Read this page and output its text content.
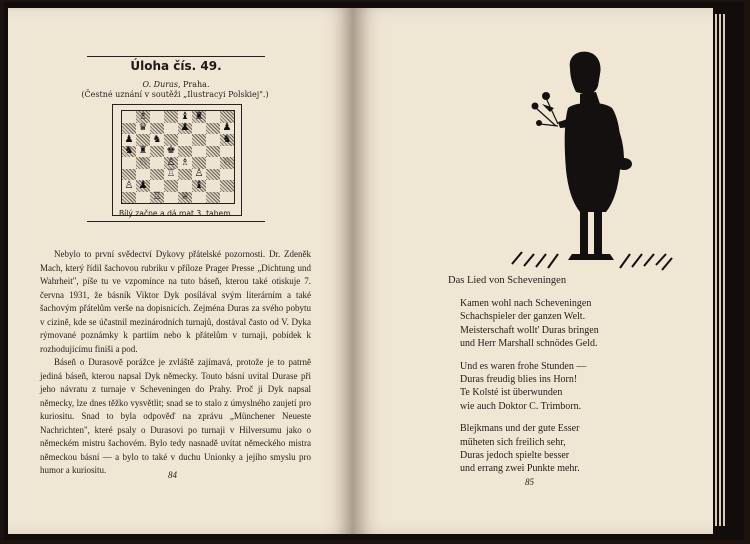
Úloha čís. 49.
O. Duras, Praha.
(Čestné uznání v soutěži „Ilustracyi Polskiej".)
♗	♝ ♜
♛	♟	♟
♟ ♞	♞
♞ ♜ ♚
♘ ♙ ♗	♘
♖ ♙
♙ ♟	♝
♖ ♕
Bílý začne a dá mat 3. tahem.

Nebylo to první svědectví Dykovy přátelské pozornosti. Dr. Zdeněk Mach, který řídil šachovou rubriku v příloze Prager Presse „Dichtung und Wahrheit", píše tu ve vzpomínce na tuto báseň, kterou také otiskuje 7. června 1931, že básník Viktor Dyk posílával svým literárním a také šachovým přátelům verše na dopisnicích. Zejména Duras za svého pobytu v cizině, kde se účastnil mezinárodních turnajů, dostával často od V. Dyka rýmované poznámky k partiím nebo k přátelům v turnaji, pobídek k rozhodujícímu finiši a pod.

Báseň o Durasově porážce je zvláště zajímavá, protože je to patrně jediná báseň, kterou napsal Dyk německy. Touto básní uvítal Durase při jeho návratu z turnaje v Scheveningen do Prahy. Proč ji Dyk napsal německy, lze dnes těžko vysvětlit; snad se to stalo z úmyslného zaujetí pro kuriositu. Snad to byla odpověď na zprávu „Münchener Neueste Nachrichten", které psaly o Durasovi po turnaji v Hilversumu jako o německém mistru šachovém. Bylo tedy nasnadě uvítat německého mistra německou básní — a bylo to také v duchu Unionky a jejího smyslu pro humor a kuriositu.	84
Das Lied von Scheveningen
Kamen wohl nach Scheveningen
Schachspieler der ganzen Welt.
Meisterschaft wollt' Duras bringen
und Herr Marshall schnödes Geld.
Und es waren frohe Stunden —
Duras freudig blies ins Horn!
Te Kolsté ist überwunden
wie auch Doktor C. Trimborn.
Blejkmans und der gute Esser
müheten sich freilich sehr,
Duras jedoch spielte besser
und errang zwei Punkte mehr.
85
